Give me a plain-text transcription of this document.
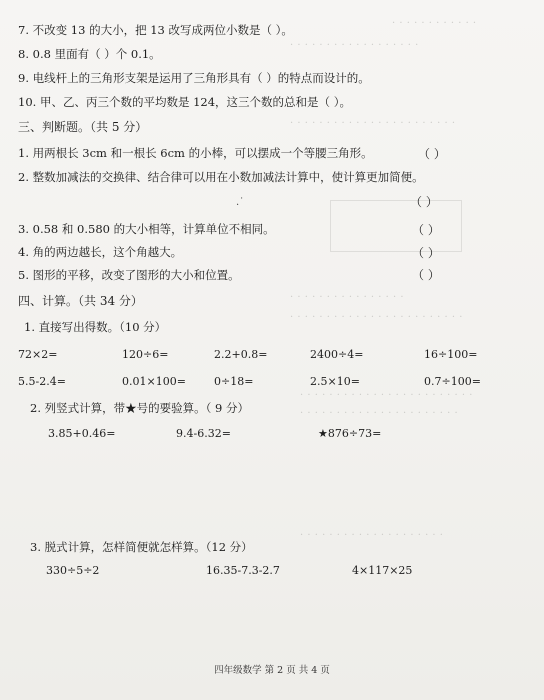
· · · · · · · · · · · ·
· · · · · · · · · · · · · · · · · ·
· · · · · · · · · · · · · · · · · · · · · · ·
· · · · · · · · · · · · · · · ·
· · · · · · · · · · · · · · · · · · · · · · · ·
· · · · · · · · · · · · · · · · · · · · · · · ·
· · · · · · · · · · · · · · · · · · · · · ·
· · · · · · · · · · · · · · · · · · · ·
7. 不改变 13 的大小，把 13 改写成两位小数是（ ）。
8. 0.8 里面有（ ）个 0.1。
9. 电线杆上的三角形支架是运用了三角形具有（ ）的特点而设计的。
10. 甲、乙、丙三个数的平均数是 124，这三个数的总和是（ ）。
三、判断题。（共 5 分）
1. 用两根长 3cm 和一根长 6cm 的小棒，可以摆成一个等腰三角形。	（ ）
2. 整数加减法的交换律、结合律可以用在小数加减法计算中，使计算更加简便。
.˙	（ ）
3. 0.58 和 0.580 的大小相等，计算单位不相同。	（ ）
4. 角的两边越长，这个角越大。	（ ）
5. 图形的平移，改变了图形的大小和位置。	（ ）
四、计算。（共 34 分）
1. 直接写出得数。（10 分）
72×2=	120÷6=	2.2+0.8=	2400÷4=	16÷100=
5.5-2.4=	0.01×100=	0÷18=	2.5×10=	0.7÷100=
2. 列竖式计算，带★号的要验算。（ 9 分）
3.85+0.46=	9.4-6.32=	★876÷73=
3. 脱式计算，怎样简便就怎样算。（12 分）
330÷5÷2	16.35-7.3-2.7	4×117×25
四年级数学 第 2 页 共 4 页
